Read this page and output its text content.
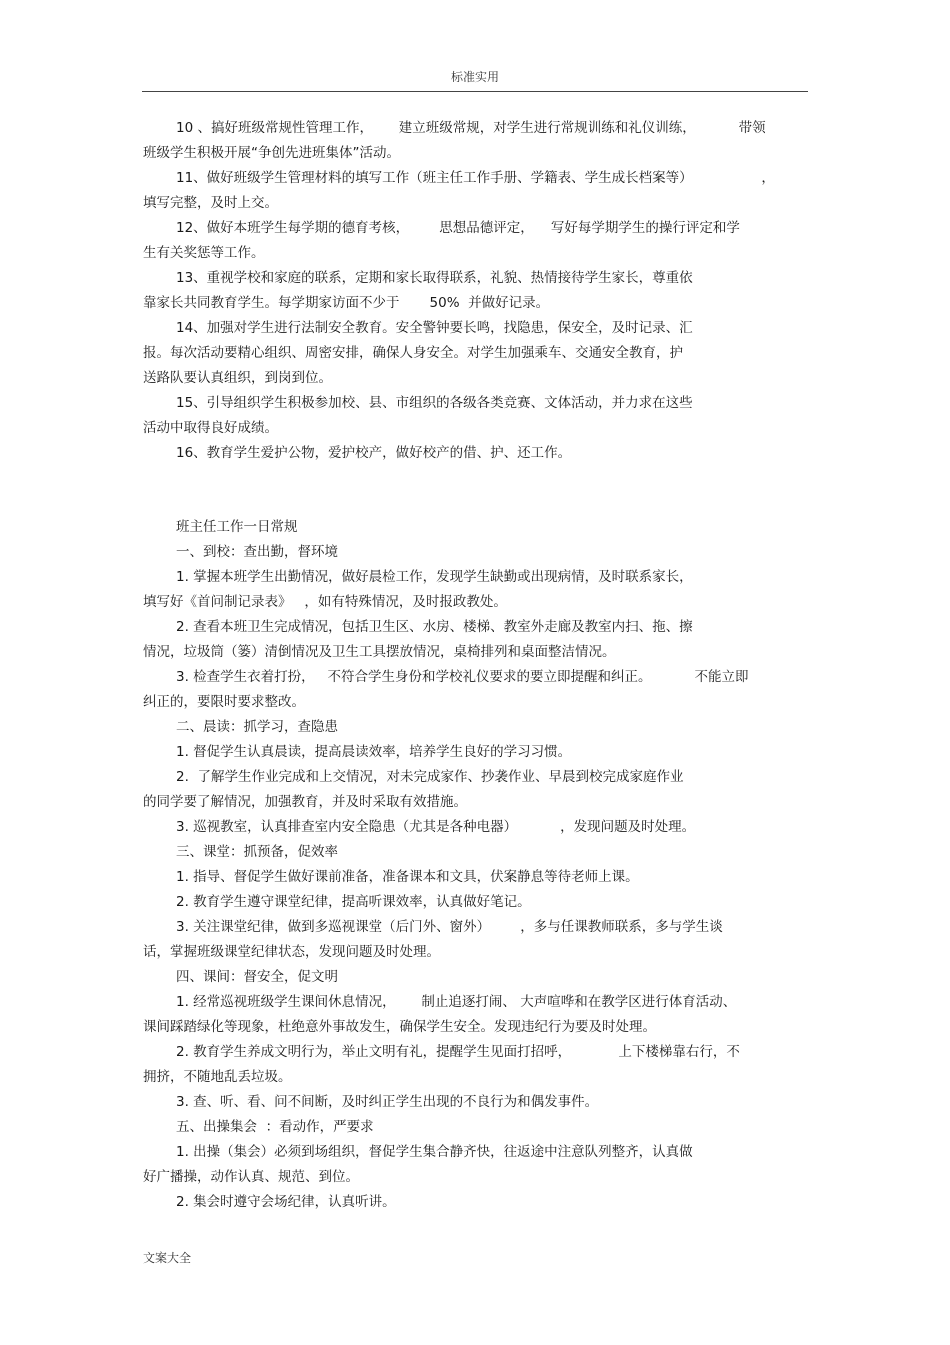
标准实用
10 、搞好班级常规性管理工作，      建立班级常规，对学生进行常规训练和礼仪训练，          带领
班级学生积极开展“争创先进班集体”活动。
11、做好班级学生管理材料的填写工作（班主任工作手册、学籍表、学生成长档案等）                ，
填写完整，及时上交。
12、做好本班学生每学期的德育考核，       思想品德评定，    写好每学期学生的操行评定和学
生有关奖惩等工作。
13、重视学校和家庭的联系，定期和家长取得联系，礼貌、热情接待学生家长，尊重依
靠家长共同教育学生。每学期家访面不少于       50%  并做好记录。
14、加强对学生进行法制安全教育。安全警钟要长鸣，找隐患，保安全，及时记录、汇
报。每次活动要精心组织、周密安排，确保人身安全。对学生加强乘车、交通安全教育，护
送路队要认真组织，到岗到位。
15、引导组织学生积极参加校、县、市组织的各级各类竞赛、文体活动，并力求在这些
活动中取得良好成绩。
16、教育学生爱护公物，爱护校产，做好校产的借、护、还工作。
班主任工作一日常规
一、到校：查出勤，督环境
1. 掌握本班学生出勤情况，做好晨检工作，发现学生缺勤或出现病情，及时联系家长，
填写好《首问制记录表》   ，如有特殊情况，及时报政教处。
2. 查看本班卫生完成情况，包括卫生区、水房、楼梯、教室外走廊及教室内扫、拖、擦
情况，垃圾筒（篓）清倒情况及卫生工具摆放情况，桌椅排列和桌面整洁情况。
3. 检查学生衣着打扮，   不符合学生身份和学校礼仪要求的要立即提醒和纠正。          不能立即
纠正的，要限时要求整改。
二、晨读：抓学习，查隐患
1. 督促学生认真晨读，提高晨读效率，培养学生良好的学习习惯。
2.  了解学生作业完成和上交情况，对未完成家作、抄袭作业、早晨到校完成家庭作业
的同学要了解情况，加强教育，并及时采取有效措施。
3. 巡视教室，认真排查室内安全隐患（尤其是各种电器）          ，发现问题及时处理。
三、课堂：抓预备，促效率
1. 指导、督促学生做好课前准备，准备课本和文具，伏案静息等待老师上课。
2. 教育学生遵守课堂纪律，提高听课效率，认真做好笔记。
3. 关注课堂纪律，做到多巡视课堂（后门外、窗外）       ，多与任课教师联系，多与学生谈
话，掌握班级课堂纪律状态，发现问题及时处理。
四、课间：督安全，促文明
1. 经常巡视班级学生课间休息情况，      制止追逐打闹、 大声喧哗和在教学区进行体育活动、
课间踩踏绿化等现象，杜绝意外事故发生，确保学生安全。发现违纪行为要及时处理。
2. 教育学生养成文明行为，举止文明有礼，提醒学生见面打招呼，           上下楼梯靠右行，不
拥挤，不随地乱丢垃圾。
3. 查、听、看、问不间断，及时纠正学生出现的不良行为和偶发事件。
五、出操集会  ：看动作，严要求
1. 出操（集会）必须到场组织，督促学生集合静齐快，往返途中注意队列整齐，认真做
好广播操，动作认真、规范、到位。
2. 集会时遵守会场纪律，认真听讲。
文案大全
